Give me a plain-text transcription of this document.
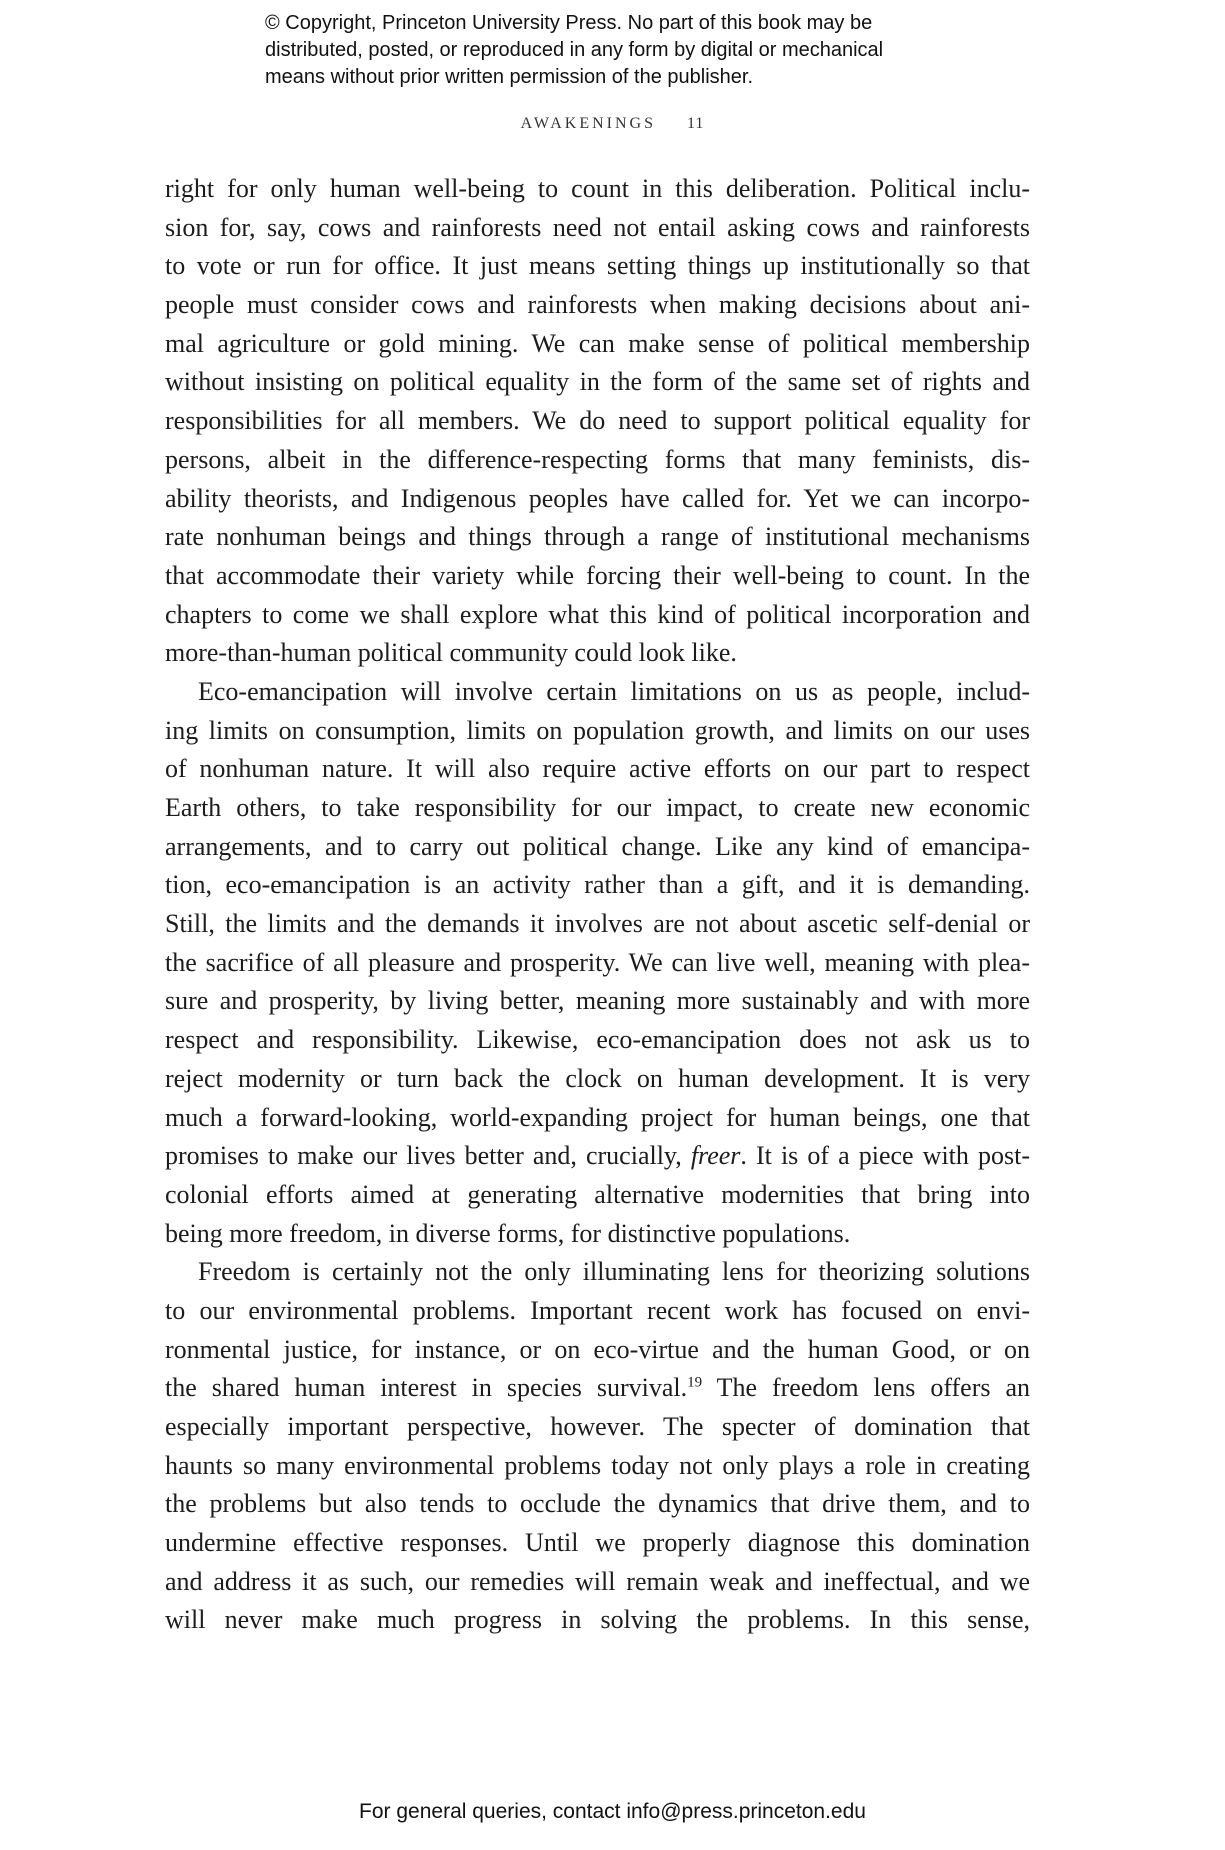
© Copyright, Princeton University Press. No part of this book may be
distributed, posted, or reproduced in any form by digital or mechanical
means without prior written permission of the publisher.
AWAKENINGS 11

right for only human well-being to count in this deliberation. Political inclu-
sion for, say, cows and rainforests need not entail asking cows and rainforests
to vote or run for office. It just means setting things up institutionally so that
people must consider cows and rainforests when making decisions about ani-
mal agriculture or gold mining. We can make sense of political membership
without insisting on political equality in the form of the same set of rights and
responsibilities for all members. We do need to support political equality for
persons, albeit in the difference-respecting forms that many feminists, dis-
ability theorists, and Indigenous peoples have called for. Yet we can incorpo-
rate nonhuman beings and things through a range of institutional mechanisms
that accommodate their variety while forcing their well-being to count. In the
chapters to come we shall explore what this kind of political incorporation and
more-than-human political community could look like.

Eco-emancipation will involve certain limitations on us as people, includ-
ing limits on consumption, limits on population growth, and limits on our uses
of nonhuman nature. It will also require active efforts on our part to respect
Earth others, to take responsibility for our impact, to create new economic
arrangements, and to carry out political change. Like any kind of emancipa-
tion, eco-emancipation is an activity rather than a gift, and it is demanding.
Still, the limits and the demands it involves are not about ascetic self-denial or
the sacrifice of all pleasure and prosperity. We can live well, meaning with plea-
sure and prosperity, by living better, meaning more sustainably and with more
respect and responsibility. Likewise, eco-emancipation does not ask us to
reject modernity or turn back the clock on human development. It is very
much a forward-looking, world-expanding project for human beings, one that
promises to make our lives better and, crucially, freer. It is of a piece with post-
colonial efforts aimed at generating alternative modernities that bring into
being more freedom, in diverse forms, for distinctive populations.

Freedom is certainly not the only illuminating lens for theorizing solutions
to our environmental problems. Important recent work has focused on envi-
ronmental justice, for instance, or on eco-virtue and the human Good, or on
the shared human interest in species survival.$^{19}$ The freedom lens offers an
especially important perspective, however. The specter of domination that
haunts so many environmental problems today not only plays a role in creating
the problems but also tends to occlude the dynamics that drive them, and to
undermine effective responses. Until we properly diagnose this domination
and address it as such, our remedies will remain weak and ineffectual, and we
will never make much progress in solving the problems. In this sense,

For general queries, contact info@press.princeton.edu
